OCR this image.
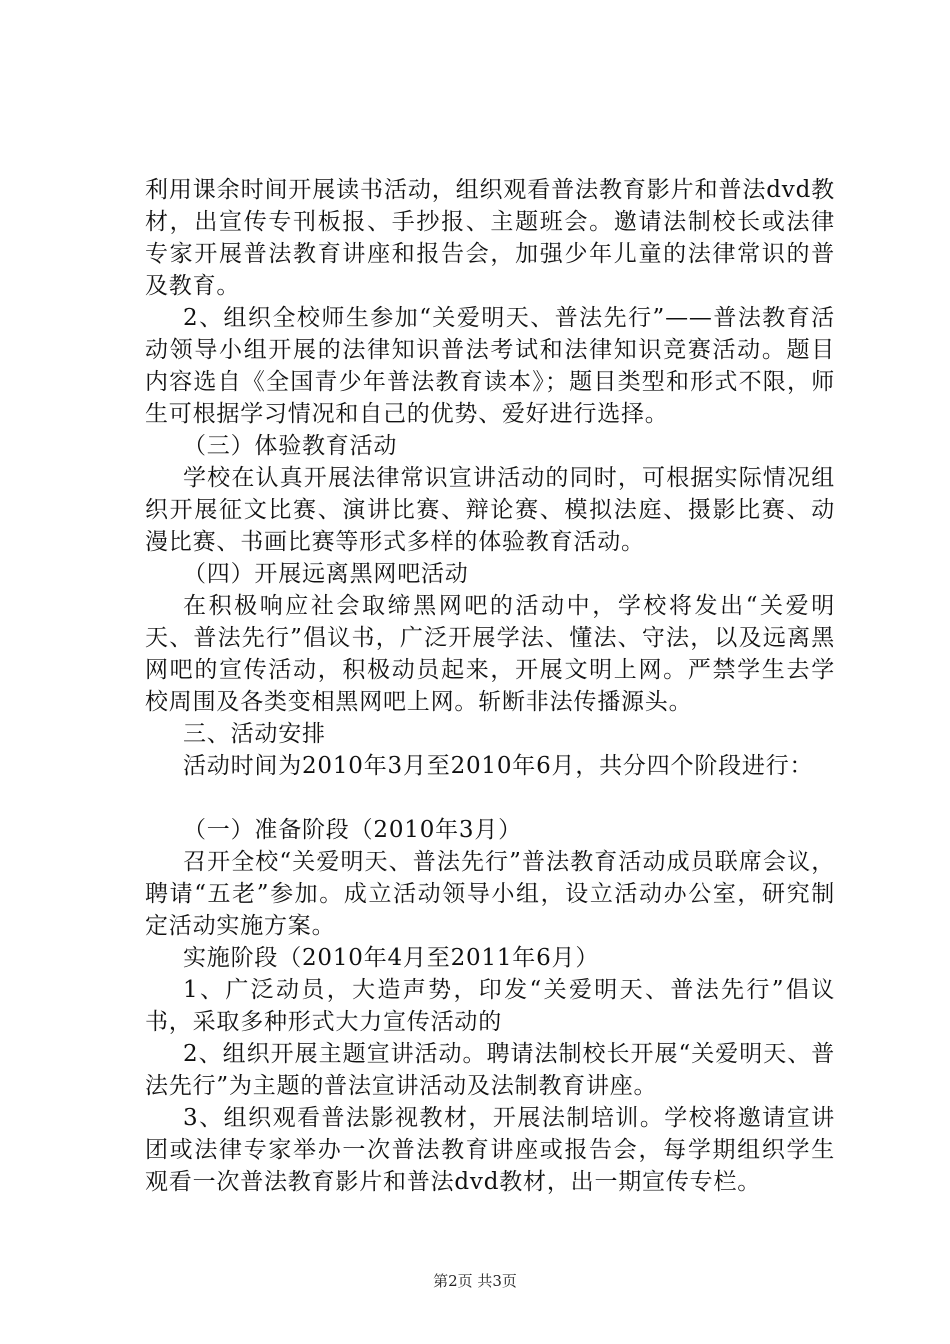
利用课余时间开展读书活动，组织观看普法教育影片和普法dvd教材，出宣传专刊板报、手抄报、主题班会。邀请法制校长或法律专家开展普法教育讲座和报告会，加强少年儿童的法律常识的普及教育。

2、组织全校师生参加“关爱明天、普法先行”——普法教育活动领导小组开展的法律知识普法考试和法律知识竞赛活动。题目内容选自《全国青少年普法教育读本》；题目类型和形式不限，师生可根据学习情况和自己的优势、爱好进行选择。

（三）体验教育活动

学校在认真开展法律常识宣讲活动的同时，可根据实际情况组织开展征文比赛、演讲比赛、辩论赛、模拟法庭、摄影比赛、动漫比赛、书画比赛等形式多样的体验教育活动。

（四）开展远离黑网吧活动

在积极响应社会取缔黑网吧的活动中，学校将发出“关爱明天、普法先行”倡议书，广泛开展学法、懂法、守法，以及远离黑网吧的宣传活动，积极动员起来，开展文明上网。严禁学生去学校周围及各类变相黑网吧上网。斩断非法传播源头。

三、活动安排

活动时间为2010年3月至2010年6月，共分四个阶段进行：

（一）准备阶段（2010年3月）

召开全校“关爱明天、普法先行”普法教育活动成员联席会议，聘请“五老”参加。成立活动领导小组，设立活动办公室，研究制定活动实施方案。

实施阶段（2010年4月至2011年6月）

1、广泛动员，大造声势，印发“关爱明天、普法先行”倡议书，采取多种形式大力宣传活动的

2、组织开展主题宣讲活动。聘请法制校长开展“关爱明天、普法先行”为主题的普法宣讲活动及法制教育讲座。

3、组织观看普法影视教材，开展法制培训。学校将邀请宣讲团或法律专家举办一次普法教育讲座或报告会，每学期组织学生观看一次普法教育影片和普法dvd教材，出一期宣传专栏。

第2页 共3页
